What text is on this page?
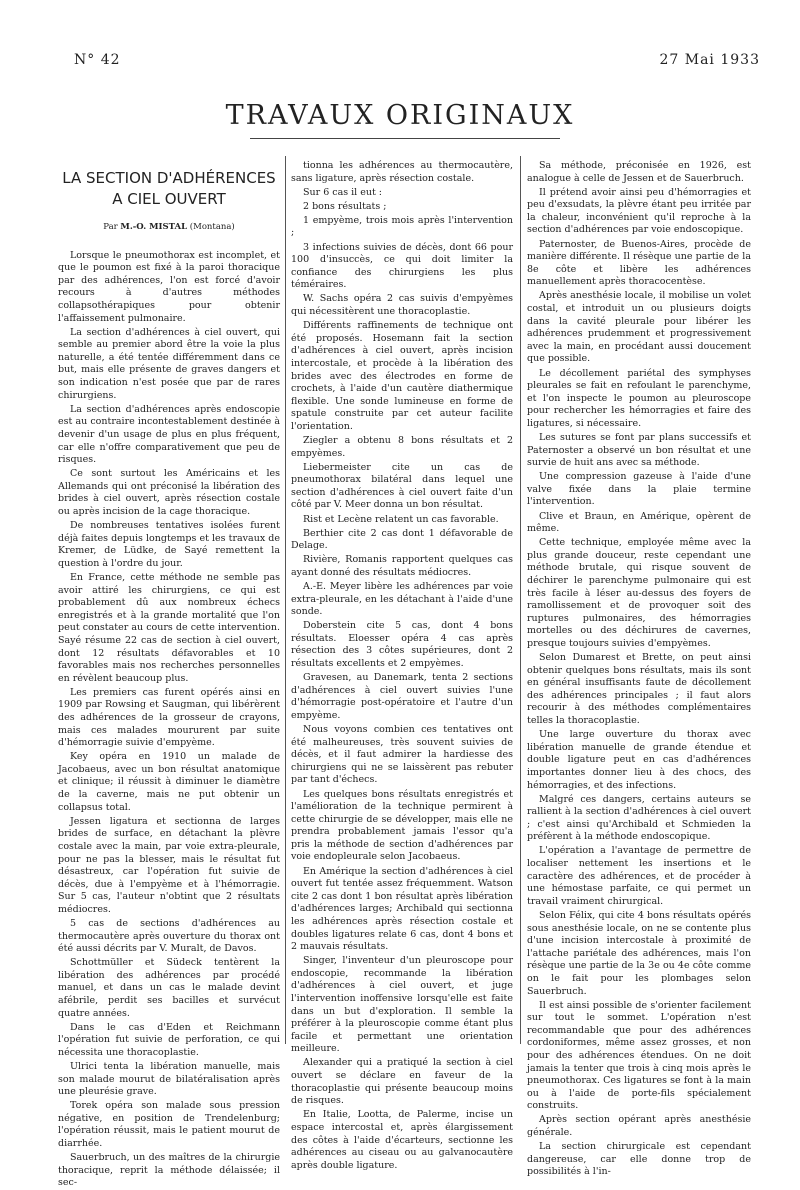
N° 42	27 Mai 1933
TRAVAUX ORIGINAUX
LA SECTION D'ADHÉRENCES
A CIEL OUVERT
Par M.-O. MISTAL (Montana)

Lorsque le pneumothorax est incomplet, et que le poumon est fixé à la paroi thoracique par des adhérences, l'on est forcé d'avoir recours à d'autres méthodes collapsothérapiques pour obtenir l'affaissement pulmonaire.

La section d'adhérences à ciel ouvert, qui semble au premier abord être la voie la plus naturelle, a été tentée différemment dans ce but, mais elle présente de graves dangers et son indication n'est posée que par de rares chirurgiens.

La section d'adhérences après endoscopie est au contraire incontestablement destinée à devenir d'un usage de plus en plus fréquent, car elle n'offre comparativement que peu de risques.

Ce sont surtout les Américains et les Allemands qui ont préconisé la libération des brides à ciel ouvert, après résection costale ou après incision de la cage thoracique.

De nombreuses tentatives isolées furent déjà faites depuis longtemps et les travaux de Kremer, de Lüdke, de Sayé remettent la question à l'ordre du jour.

En France, cette méthode ne semble pas avoir attiré les chirurgiens, ce qui est probablement dû aux nombreux échecs enregistrés et à la grande mortalité que l'on peut constater au cours de cette intervention. Sayé résume 22 cas de section à ciel ouvert, dont 12 résultats défavorables et 10 favorables mais nos recherches personnelles en révèlent beaucoup plus.

Les premiers cas furent opérés ainsi en 1909 par Rowsing et Saugman, qui libérèrent des adhérences de la grosseur de crayons, mais ces malades moururent par suite d'hémorragie suivie d'empyème.

Key opéra en 1910 un malade de Jacobaeus, avec un bon résultat anatomique et clinique; il réussit à diminuer le diamètre de la caverne, mais ne put obtenir un collapsus total.

Jessen ligatura et sectionna de larges brides de surface, en détachant la plèvre costale avec la main, par voie extra-pleurale, pour ne pas la blesser, mais le résultat fut désastreux, car l'opération fut suivie de décès, due à l'empyème et à l'hémorragie. Sur 5 cas, l'auteur n'obtint que 2 résultats médiocres.

5 cas de sections d'adhérences au thermocautère après ouverture du thorax ont été aussi décrits par V. Muralt, de Davos.

Schottmüller et Südeck tentèrent la libération des adhérences par procédé manuel, et dans un cas le malade devint afébrile, perdit ses bacilles et survécut quatre années.

Dans le cas d'Eden et Reichmann l'opération fut suivie de perforation, ce qui nécessita une thoracoplastie.

Ulrici tenta la libération manuelle, mais son malade mourut de bilatéralisation après une pleurésie grave.

Torek opéra son malade sous pression négative, en position de Trendelenburg; l'opération réussit, mais le patient mourut de diarrhée.

Sauerbruch, un des maîtres de la chirurgie thoracique, reprit la méthode délaissée; il sec-

tionna les adhérences au thermocautère, sans ligature, après résection costale.

Sur 6 cas il eut :

2 bons résultats ;

1 empyème, trois mois après l'intervention ;

3 infections suivies de décès, dont 66 pour 100 d'insuccès, ce qui doit limiter la confiance des chirurgiens les plus téméraires.

W. Sachs opéra 2 cas suivis d'empyèmes qui nécessitèrent une thoracoplastie.

Différents raffinements de technique ont été proposés. Hosemann fait la section d'adhérences à ciel ouvert, après incision intercostale, et procède à la libération des brides avec des électrodes en forme de crochets, à l'aide d'un cautère diathermique flexible. Une sonde lumineuse en forme de spatule construite par cet auteur facilite l'orientation.

Ziegler a obtenu 8 bons résultats et 2 empyèmes.

Liebermeister cite un cas de pneumothorax bilatéral dans lequel une section d'adhérences à ciel ouvert faite d'un côté par V. Meer donna un bon résultat.

Rist et Lecène relatent un cas favorable.

Berthier cite 2 cas dont 1 défavorable de Delage.

Rivière, Romanis rapportent quelques cas ayant donné des résultats médiocres.

A.-E. Meyer libère les adhérences par voie extra-pleurale, en les détachant à l'aide d'une sonde.

Doberstein cite 5 cas, dont 4 bons résultats. Eloesser opéra 4 cas après résection des 3 côtes supérieures, dont 2 résultats excellents et 2 empyèmes.

Gravesen, au Danemark, tenta 2 sections d'adhérences à ciel ouvert suivies l'une d'hémorragie post-opératoire et l'autre d'un empyème.

Nous voyons combien ces tentatives ont été malheureuses, très souvent suivies de décès, et il faut admirer la hardiesse des chirurgiens qui ne se laissèrent pas rebuter par tant d'échecs.

Les quelques bons résultats enregistrés et l'amélioration de la technique permirent à cette chirurgie de se développer, mais elle ne prendra probablement jamais l'essor qu'a pris la méthode de section d'adhérences par voie endopleurale selon Jacobaeus.

En Amérique la section d'adhérences à ciel ouvert fut tentée assez fréquemment. Watson cite 2 cas dont 1 bon résultat après libération d'adhérences larges; Archibald qui sectionna les adhérences après résection costale et doubles ligatures relate 6 cas, dont 4 bons et 2 mauvais résultats.

Singer, l'inventeur d'un pleuroscope pour endoscopie, recommande la libération d'adhérences à ciel ouvert, et juge l'intervention inoffensive lorsqu'elle est faite dans un but d'exploration. Il semble la préférer à la pleuroscopie comme étant plus facile et permettant une orientation meilleure.

Alexander qui a pratiqué la section à ciel ouvert se déclare en faveur de la thoracoplastie qui présente beaucoup moins de risques.

En Italie, Lootta, de Palerme, incise un espace intercostal et, après élargissement des côtes à l'aide d'écarteurs, sectionne les adhérences au ciseau ou au galvanocautère après double ligature.

Sa méthode, préconisée en 1926, est analogue à celle de Jessen et de Sauerbruch.

Il prétend avoir ainsi peu d'hémorragies et peu d'exsudats, la plèvre étant peu irritée par la chaleur, inconvénient qu'il reproche à la section d'adhérences par voie endoscopique.

Paternoster, de Buenos-Aires, procède de manière différente. Il résèque une partie de la 8e côte et libère les adhérences manuellement après thoracocentèse.

Après anesthésie locale, il mobilise un volet costal, et introduit un ou plusieurs doigts dans la cavité pleurale pour libérer les adhérences prudemment et progressivement avec la main, en procédant aussi doucement que possible.

Le décollement pariétal des symphyses pleurales se fait en refoulant le parenchyme, et l'on inspecte le poumon au pleuroscope pour rechercher les hémorragies et faire des ligatures, si nécessaire.

Les sutures se font par plans successifs et Paternoster a observé un bon résultat et une survie de huit ans avec sa méthode.

Une compression gazeuse à l'aide d'une valve fixée dans la plaie termine l'intervention.

Clive et Braun, en Amérique, opèrent de même.

Cette technique, employée même avec la plus grande douceur, reste cependant une méthode brutale, qui risque souvent de déchirer le parenchyme pulmonaire qui est très facile à léser au-dessus des foyers de ramollissement et de provoquer soit des ruptures pulmonaires, des hémorragies mortelles ou des déchirures de cavernes, presque toujours suivies d'empyèmes.

Selon Dumarest et Brette, on peut ainsi obtenir quelques bons résultats, mais ils sont en général insuffisants faute de décollement des adhérences principales ; il faut alors recourir à des méthodes complémentaires telles la thoracoplastie.

Une large ouverture du thorax avec libération manuelle de grande étendue et double ligature peut en cas d'adhérences importantes donner lieu à des chocs, des hémorragies, et des infections.

Malgré ces dangers, certains auteurs se rallient à la section d'adhérences à ciel ouvert ; c'est ainsi qu'Archibald et Schmieden la préfèrent à la méthode endoscopique.

L'opération a l'avantage de permettre de localiser nettement les insertions et le caractère des adhérences, et de procéder à une hémostase parfaite, ce qui permet un travail vraiment chirurgical.

Selon Félix, qui cite 4 bons résultats opérés sous anesthésie locale, on ne se contente plus d'une incision intercostale à proximité de l'attache pariétale des adhérences, mais l'on résèque une partie de la 3e ou 4e côte comme on le fait pour les plombages selon Sauerbruch.

Il est ainsi possible de s'orienter facilement sur tout le sommet. L'opération n'est recommandable que pour des adhérences cordoniformes, même assez grosses, et non pour des adhérences étendues. On ne doit jamais la tenter que trois à cinq mois après le pneumothorax. Ces ligatures se font à la main ou à l'aide de porte-fils spécialement construits.

Après section opérant après anesthésie générale.

La section chirurgicale est cependant dangereuse, car elle donne trop de possibilités à l'in-
